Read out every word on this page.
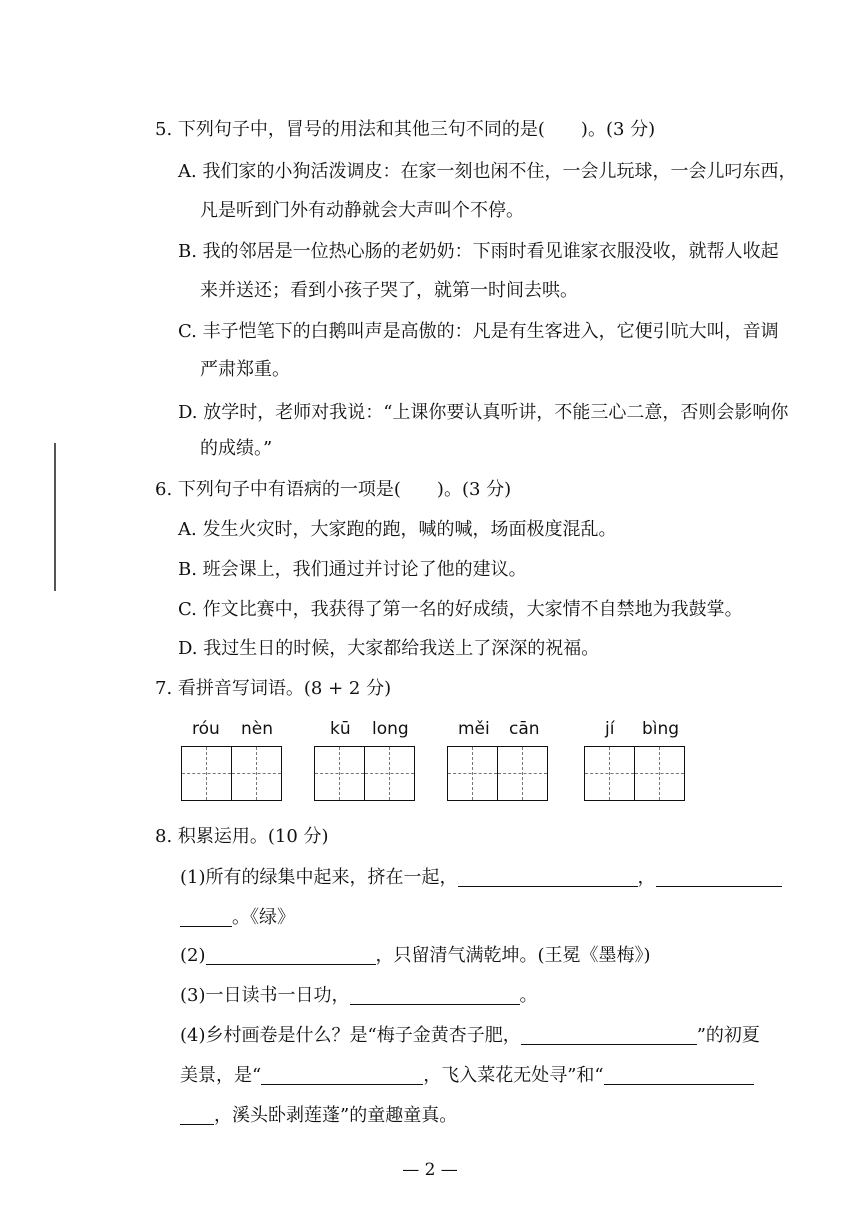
5. 下列句子中，冒号的用法和其他三句不同的是( )。(3 分)
A. 我们家的小狗活泼调皮：在家一刻也闲不住，一会儿玩球，一会儿叼东西，
凡是听到门外有动静就会大声叫个不停。
B. 我的邻居是一位热心肠的老奶奶：下雨时看见谁家衣服没收，就帮人收起
来并送还；看到小孩子哭了，就第一时间去哄。
C. 丰子恺笔下的白鹅叫声是高傲的：凡是有生客进入，它便引吭大叫，音调
严肃郑重。
D. 放学时，老师对我说：“上课你要认真听讲，不能三心二意，否则会影响你
的成绩。”
6. 下列句子中有语病的一项是( )。(3 分)
A. 发生火灾时，大家跑的跑，喊的喊，场面极度混乱。
B. 班会课上，我们通过并讨论了他的建议。
C. 作文比赛中，我获得了第一名的好成绩，大家情不自禁地为我鼓掌。
D. 我过生日的时候，大家都给我送上了深深的祝福。
7. 看拼音写词语。(8 + 2 分)
róu nèn	kū long	měi cān	jí bìng
8. 积累运用。(10 分)
(1)所有的绿集中起来，挤在一起，	，
。《绿》
(2)	，只留清气满乾坤。(王冕《墨梅》)
(3)一日读书一日功，	。
(4)乡村画卷是什么？是“梅子金黄杏子肥，	”的初夏
美景，是“	，飞入菜花无处寻”和“
，溪头卧剥莲蓬”的童趣童真。
— 2 —
